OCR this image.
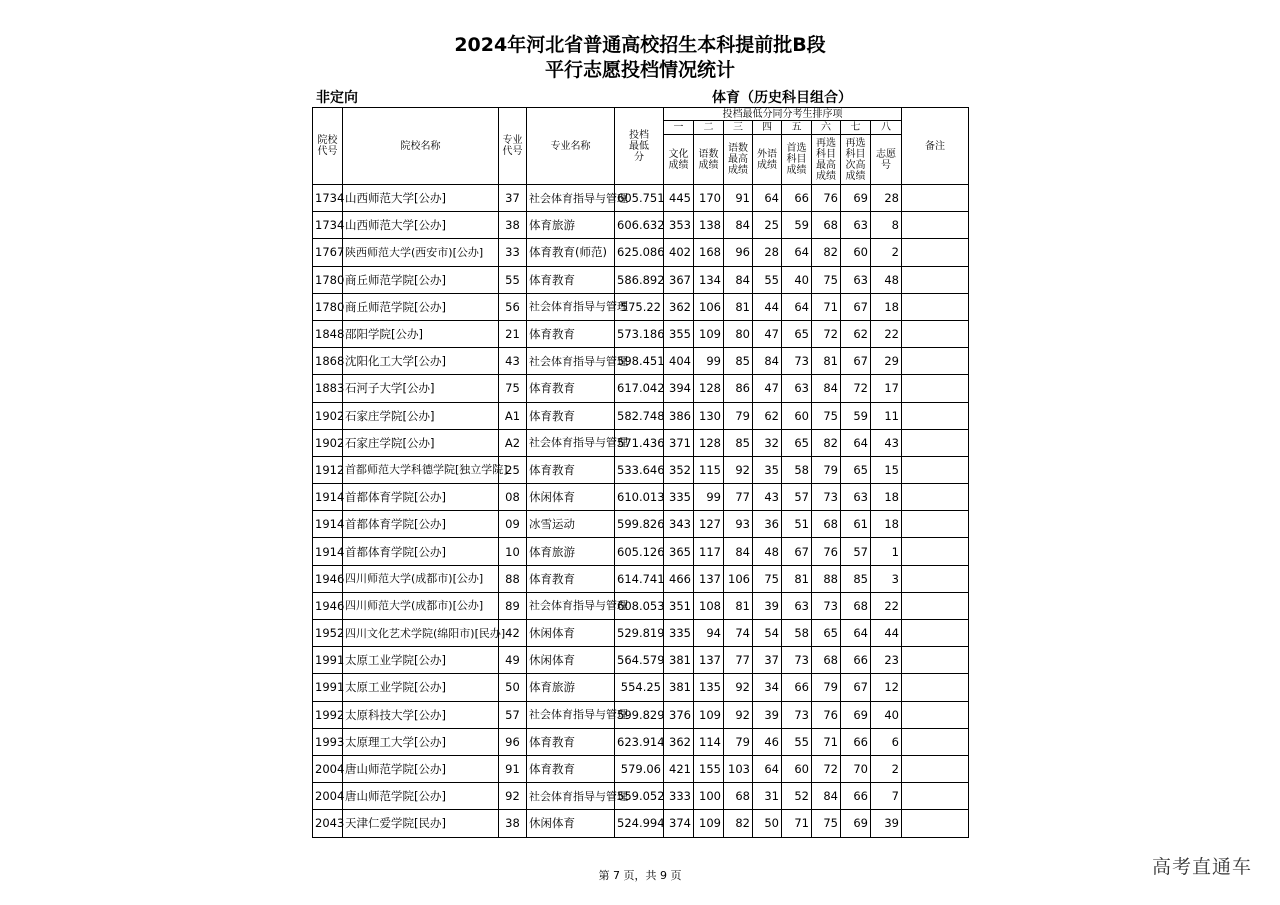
2024年河北省普通高校招生本科提前批B段
平行志愿投档情况统计
非定向	体育（历史科目组合）
院校代号	院校名称	专业代号	专业名称	投档最低分	投档最低分同分考生排序项								备注
					一	二	三	四	五	六	七	八	
					文化成绩	语数成绩	语数最高成绩	外语成绩	首选科目成绩	再选科目最高成绩	再选科目次高成绩	志愿号	
1734	山西师范大学[公办]	37	社会体育指导与管理	605.751	445	170	91	64	66	76	69	28	
1734	山西师范大学[公办]	38	体育旅游	606.632	353	138	84	25	59	68	63	8	
1767	陕西师范大学(西安市)[公办]	33	体育教育(师范)	625.086	402	168	96	28	64	82	60	2	
1780	商丘师范学院[公办]	55	体育教育	586.892	367	134	84	55	40	75	63	48	
1780	商丘师范学院[公办]	56	社会体育指导与管理	575.22	362	106	81	44	64	71	67	18	
1848	邵阳学院[公办]	21	体育教育	573.186	355	109	80	47	65	72	62	22	
1868	沈阳化工大学[公办]	43	社会体育指导与管理	598.451	404	99	85	84	73	81	67	29	
1883	石河子大学[公办]	75	体育教育	617.042	394	128	86	47	63	84	72	17	
1902	石家庄学院[公办]	A1	体育教育	582.748	386	130	79	62	60	75	59	11	
1902	石家庄学院[公办]	A2	社会体育指导与管理	571.436	371	128	85	32	65	82	64	43	
1912	首都师范大学科德学院[独立学院]	25	体育教育	533.646	352	115	92	35	58	79	65	15	
1914	首都体育学院[公办]	08	休闲体育	610.013	335	99	77	43	57	73	63	18	
1914	首都体育学院[公办]	09	冰雪运动	599.826	343	127	93	36	51	68	61	18	
1914	首都体育学院[公办]	10	体育旅游	605.126	365	117	84	48	67	76	57	1	
1946	四川师范大学(成都市)[公办]	88	体育教育	614.741	466	137	106	75	81	88	85	3	
1946	四川师范大学(成都市)[公办]	89	社会体育指导与管理	608.053	351	108	81	39	63	73	68	22	
1952	四川文化艺术学院(绵阳市)[民办]	42	休闲体育	529.819	335	94	74	54	58	65	64	44	
1991	太原工业学院[公办]	49	休闲体育	564.579	381	137	77	37	73	68	66	23	
1991	太原工业学院[公办]	50	体育旅游	554.25	381	135	92	34	66	79	67	12	
1992	太原科技大学[公办]	57	社会体育指导与管理	599.829	376	109	92	39	73	76	69	40	
1993	太原理工大学[公办]	96	体育教育	623.914	362	114	79	46	55	71	66	6	
2004	唐山师范学院[公办]	91	体育教育	579.06	421	155	103	64	60	72	70	2	
2004	唐山师范学院[公办]	92	社会体育指导与管理	559.052	333	100	68	31	52	84	66	7	
2043	天津仁爱学院[民办]	38	休闲体育	524.994	374	109	82	50	71	75	69	39	
第 7 页，共 9 页	高考直通车
